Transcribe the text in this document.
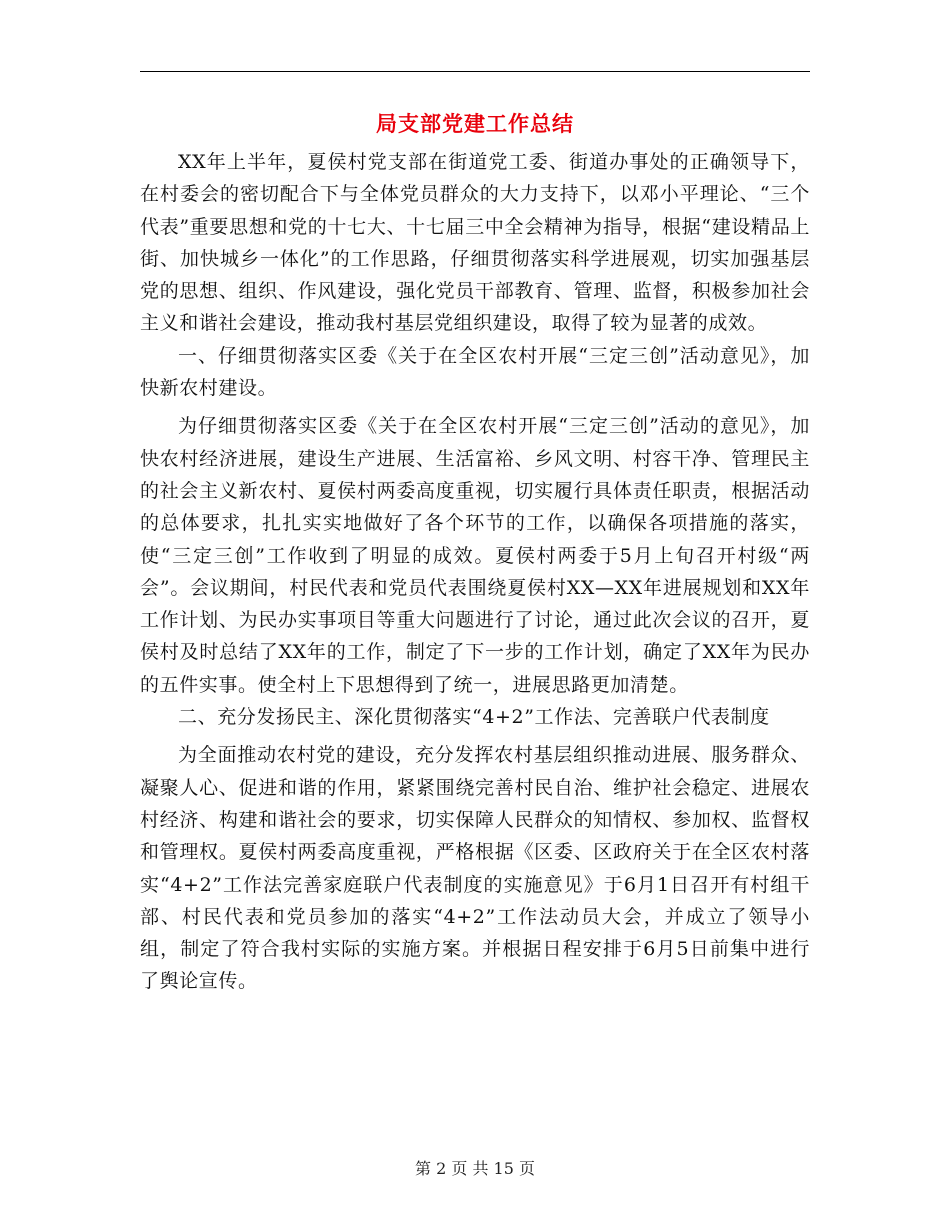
局支部党建工作总结

XX年上半年，夏侯村党支部在街道党工委、街道办事处的正确领导下，在村委会的密切配合下与全体党员群众的大力支持下，以邓小平理论、“三个代表”重要思想和党的十七大、十七届三中全会精神为指导，根据“建设精品上街、加快城乡一体化”的工作思路，仔细贯彻落实科学进展观，切实加强基层党的思想、组织、作风建设，强化党员干部教育、管理、监督，积极参加社会主义和谐社会建设，推动我村基层党组织建设，取得了较为显著的成效。

一、仔细贯彻落实区委《关于在全区农村开展“三定三创”活动意见》，加快新农村建设。

为仔细贯彻落实区委《关于在全区农村开展“三定三创”活动的意见》，加快农村经济进展，建设生产进展、生活富裕、乡风文明、村容干净、管理民主的社会主义新农村、夏侯村两委高度重视，切实履行具体责任职责，根据活动的总体要求，扎扎实实地做好了各个环节的工作，以确保各项措施的落实，使“三定三创”工作收到了明显的成效。夏侯村两委于5月上旬召开村级“两会”。会议期间，村民代表和党员代表围绕夏侯村XX—XX年进展规划和XX年工作计划、为民办实事项目等重大问题进行了讨论，通过此次会议的召开，夏侯村及时总结了XX年的工作，制定了下一步的工作计划，确定了XX年为民办的五件实事。使全村上下思想得到了统一，进展思路更加清楚。

二、充分发扬民主、深化贯彻落实“4+2”工作法、完善联户代表制度

为全面推动农村党的建设，充分发挥农村基层组织推动进展、服务群众、凝聚人心、促进和谐的作用，紧紧围绕完善村民自治、维护社会稳定、进展农村经济、构建和谐社会的要求，切实保障人民群众的知情权、参加权、监督权和管理权。夏侯村两委高度重视，严格根据《区委、区政府关于在全区农村落实“4+2”工作法完善家庭联户代表制度的实施意见》于6月1日召开有村组干部、村民代表和党员参加的落实“4+2”工作法动员大会，并成立了领导小组，制定了符合我村实际的实施方案。并根据日程安排于6月5日前集中进行了舆论宣传。

第 2 页 共 15 页
